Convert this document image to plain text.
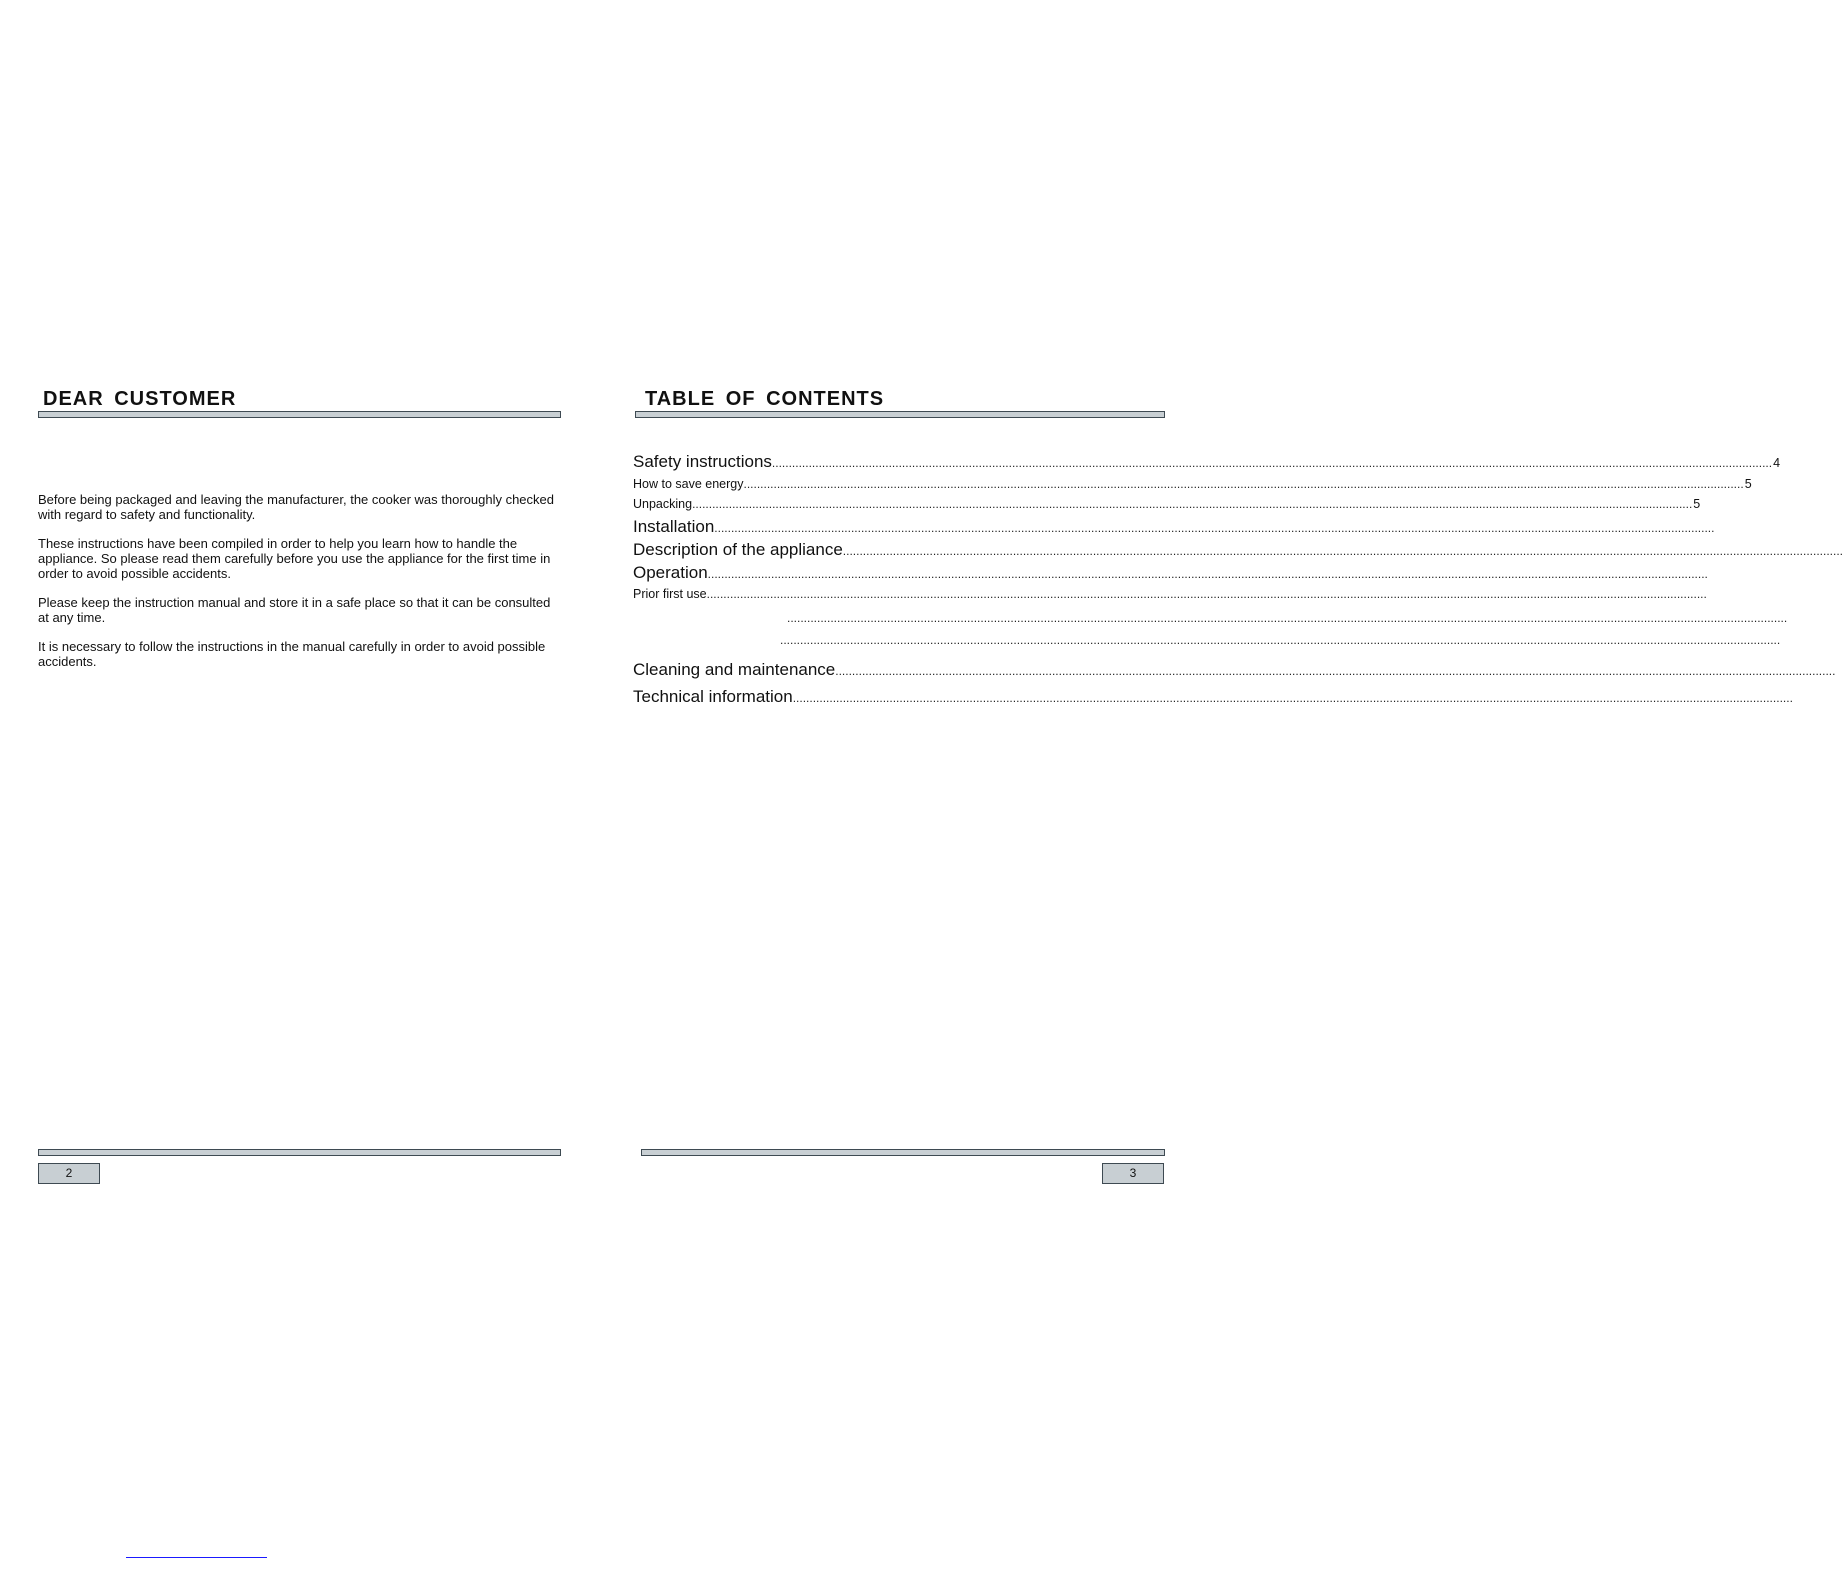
DEAR CUSTOMER

Before being packaged and leaving the manufacturer, the cooker was thoroughly checked with regard to safety and functionality.

These instructions have been compiled in order to help you learn how to handle the appliance. So please read them carefully before you use the appliance for the first time in order to avoid possible accidents.

Please keep the instruction manual and store it in a safe place so that it can be consulted at any time.

It is necessary to follow the instructions in the manual carefully in order to avoid possible accidents.

2
TABLE OF CONTENTS
Safety instructions ............................................................................................................................................................................................................................................................................................................ 4
How to save energy ............................................................................................................................................................................................................................................................................................................ 5
Unpacking ............................................................................................................................................................................................................................................................................................................ 5
Installation ............................................................................................................................................................................................................................................................................................................
Description of the appliance ............................................................................................................................................................................................................................................................................................................
Operation ............................................................................................................................................................................................................................................................................................................
Prior first use ............................................................................................................................................................................................................................................................................................................
............................................................................................................................................................................................................................................................................................................
............................................................................................................................................................................................................................................................................................................
Cleaning and maintenance ............................................................................................................................................................................................................................................................................................................
Technical information ............................................................................................................................................................................................................................................................................................................
3
